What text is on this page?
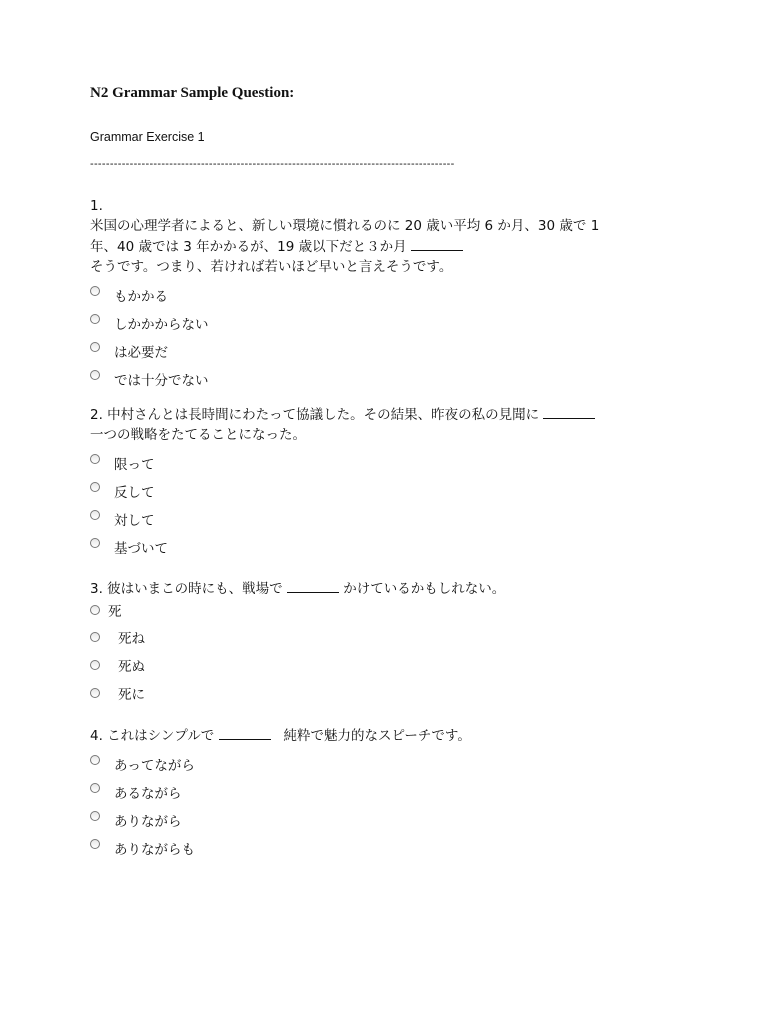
N2 Grammar Sample Question:
Grammar Exercise 1
--------------------------------------------------------------------------------------------

1.
米国の心理学者によると、新しい環境に慣れるのに 20 歳い平均 6 か月、30 歳で 1
年、40 歳では 3 年かかるが、19 歳以下だと３か月
そうです。つまり、若ければ若いほど早いと言えそうです。

もかかる
しかかからない
は必要だ
では十分でない

2. 中村さんとは長時間にわたって協議した。その結果、昨夜の私の見聞に
一つの戦略をたてることになった。

限って
反して
対して
基づいて

3. 彼はいまこの時にも、戦場で	かけているかもしれない。

死
死ね
死ぬ
死に

4. これはシンプルで	純粋で魅力的なスピーチです。

あってながら
あるながら
ありながら
ありながらも
